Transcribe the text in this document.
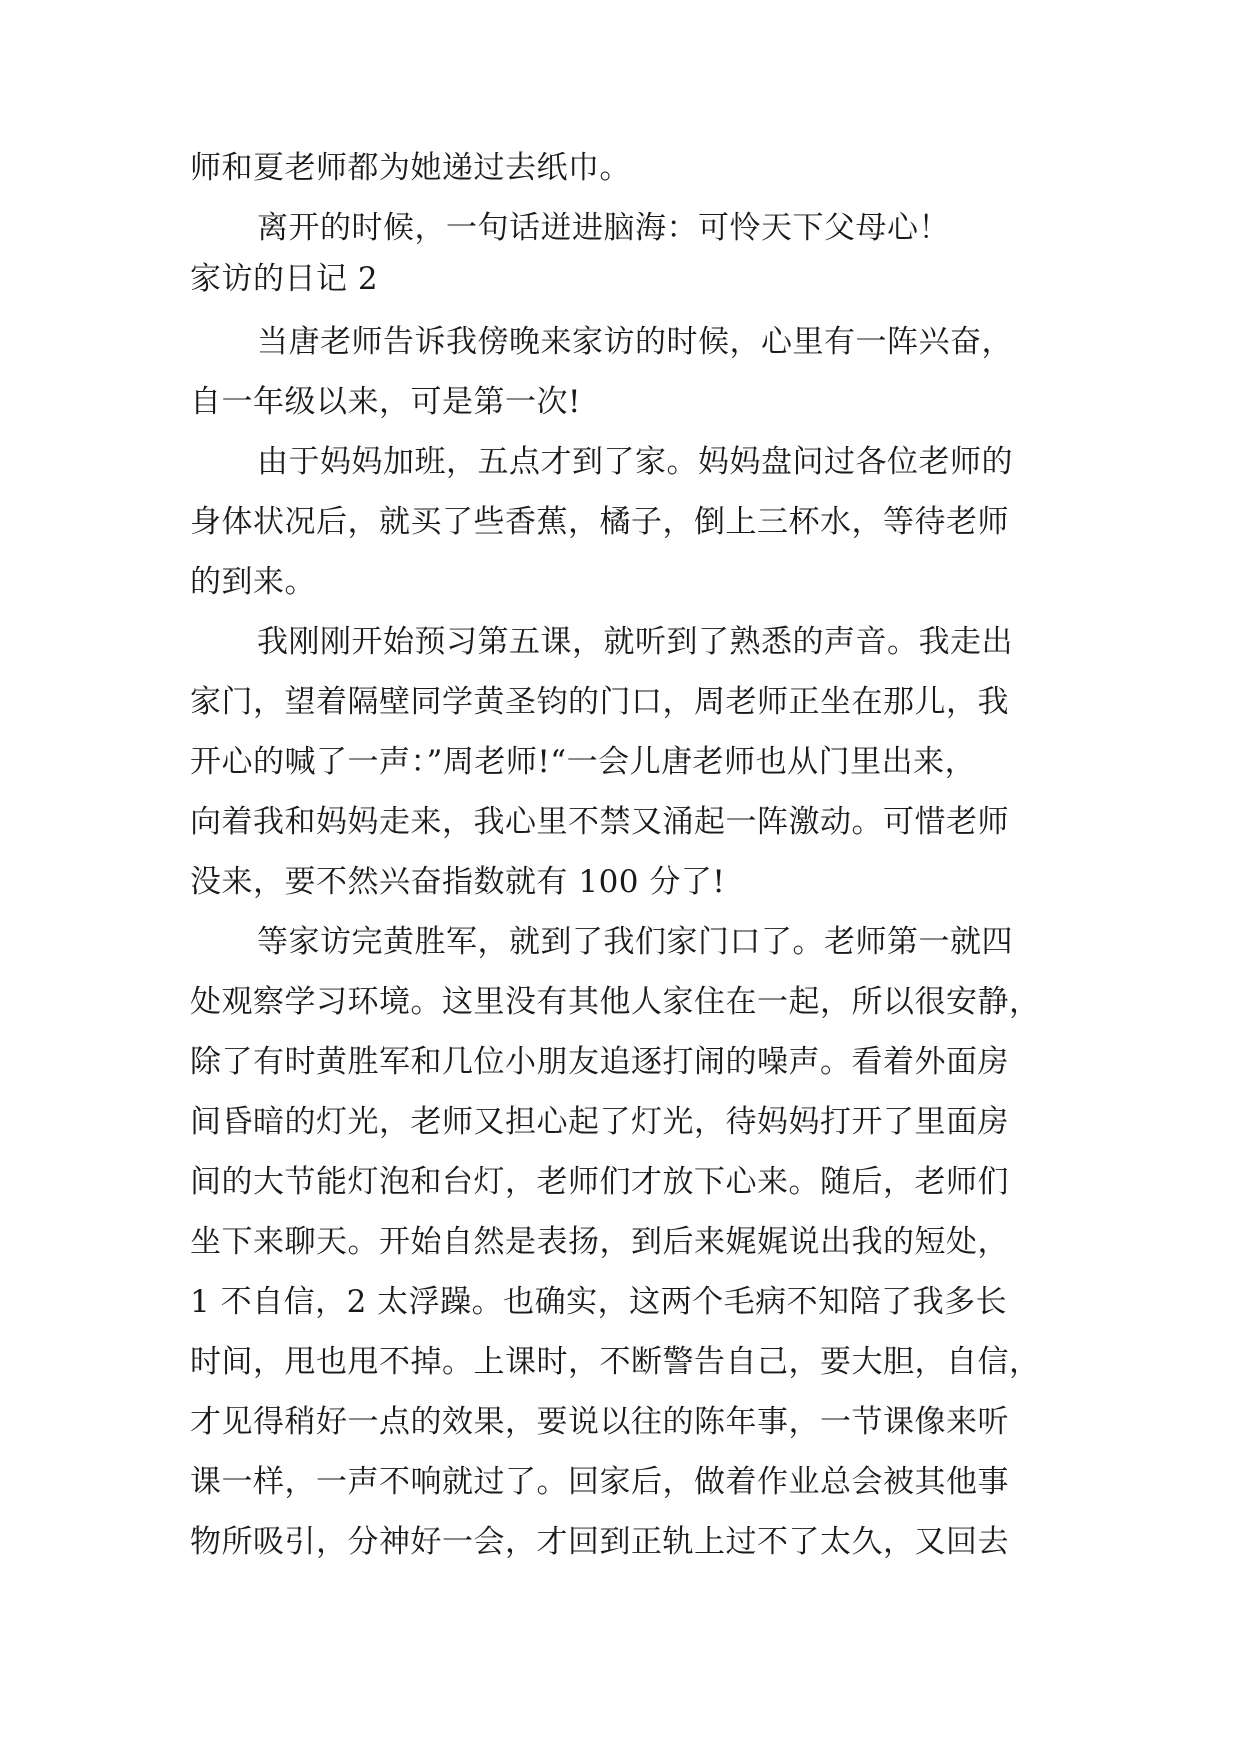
师和夏老师都为她递过去纸巾。
离开的时候，一句话迸进脑海：可怜天下父母心！
家访的日记 2
当唐老师告诉我傍晚来家访的时候，心里有一阵兴奋，
自一年级以来，可是第一次!
由于妈妈加班，五点才到了家。妈妈盘问过各位老师的
身体状况后，就买了些香蕉，橘子，倒上三杯水，等待老师
的到来。
我刚刚开始预习第五课，就听到了熟悉的声音。我走出
家门，望着隔壁同学黄圣钧的门口，周老师正坐在那儿，我
开心的喊了一声：”周老师!“一会儿唐老师也从门里出来，
向着我和妈妈走来，我心里不禁又涌起一阵激动。可惜老师
没来，要不然兴奋指数就有 100 分了!
等家访完黄胜军，就到了我们家门口了。老师第一就四
处观察学习环境。这里没有其他人家住在一起，所以很安静，
除了有时黄胜军和几位小朋友追逐打闹的噪声。看着外面房
间昏暗的灯光，老师又担心起了灯光，待妈妈打开了里面房
间的大节能灯泡和台灯，老师们才放下心来。随后，老师们
坐下来聊天。开始自然是表扬，到后来娓娓说出我的短处，
1 不自信，2 太浮躁。也确实，这两个毛病不知陪了我多长
时间，甩也甩不掉。上课时，不断警告自己，要大胆，自信，
才见得稍好一点的效果，要说以往的陈年事，一节课像来听
课一样，一声不响就过了。回家后，做着作业总会被其他事
物所吸引，分神好一会，才回到正轨上过不了太久，又回去
